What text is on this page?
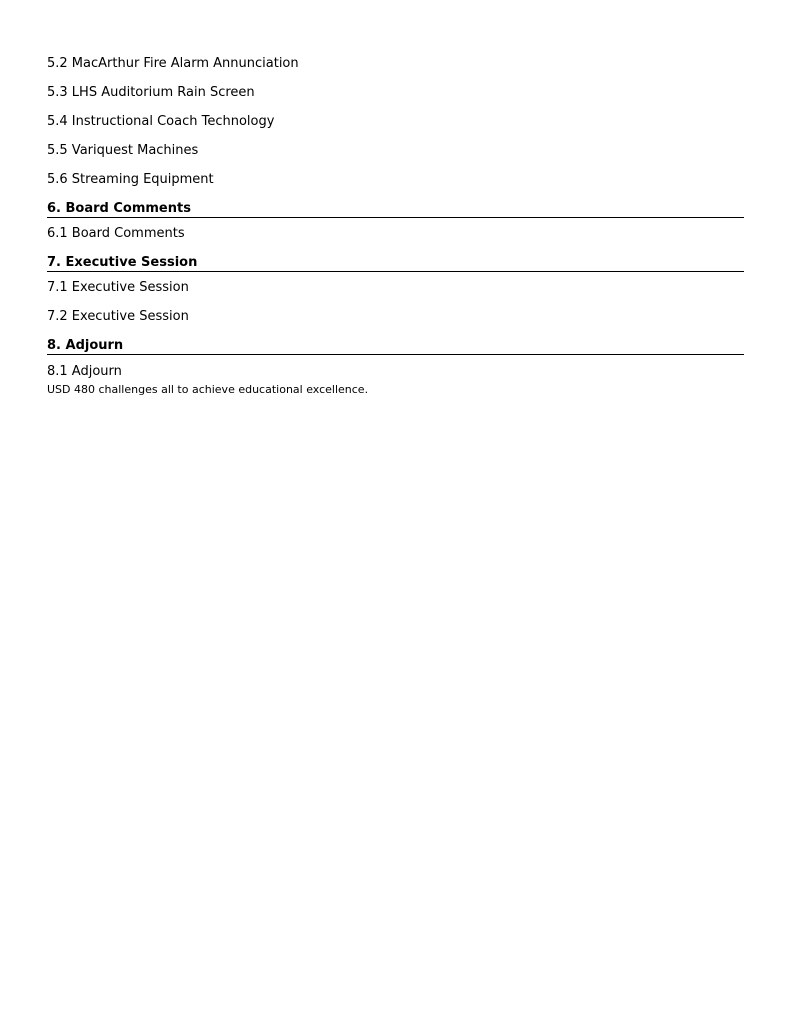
5.2 MacArthur Fire Alarm Annunciation
5.3 LHS Auditorium Rain Screen
5.4 Instructional Coach Technology
5.5 Variquest Machines
5.6 Streaming Equipment
6. Board Comments
6.1 Board Comments
7. Executive Session
7.1 Executive Session
7.2 Executive Session
8. Adjourn
8.1 Adjourn
USD 480 challenges all to achieve educational excellence.
